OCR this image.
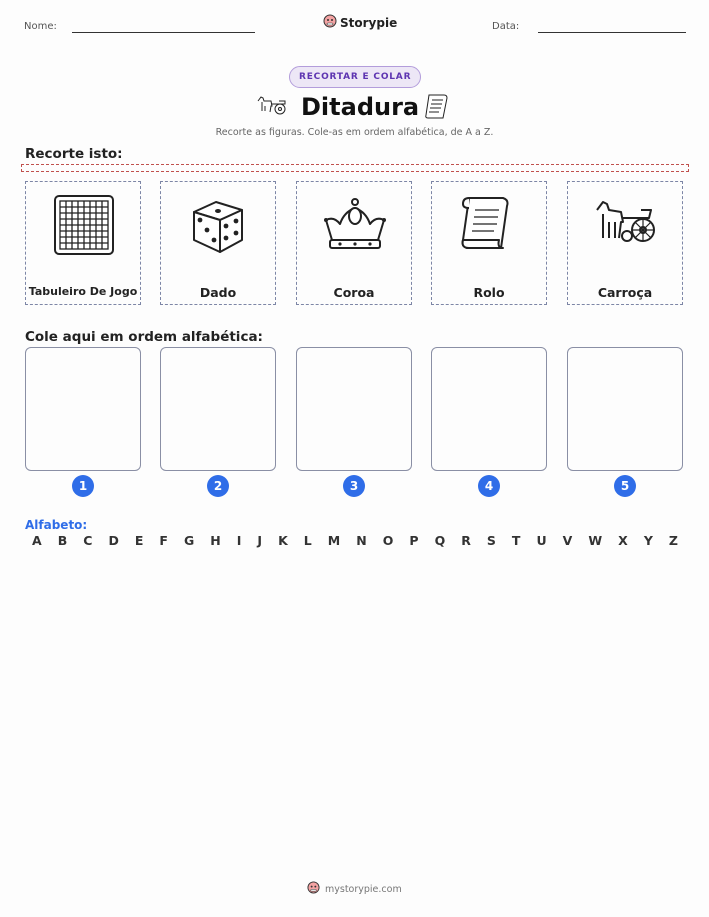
Nome:	Storypie	Data:
RECORTAR E COLAR
Ditadura
Recorte as figuras. Cole-as em ordem alfabética, de A a Z.
Recorte isto:
Tabuleiro De Jogo	Dado	Coroa	Rolo	Carroça
Cole aqui em ordem alfabética:
1	2	3	4	5
Alfabeto:
A B C D E F G H I J K L M N O P Q R S T U V W X Y Z
mystorypie.com
